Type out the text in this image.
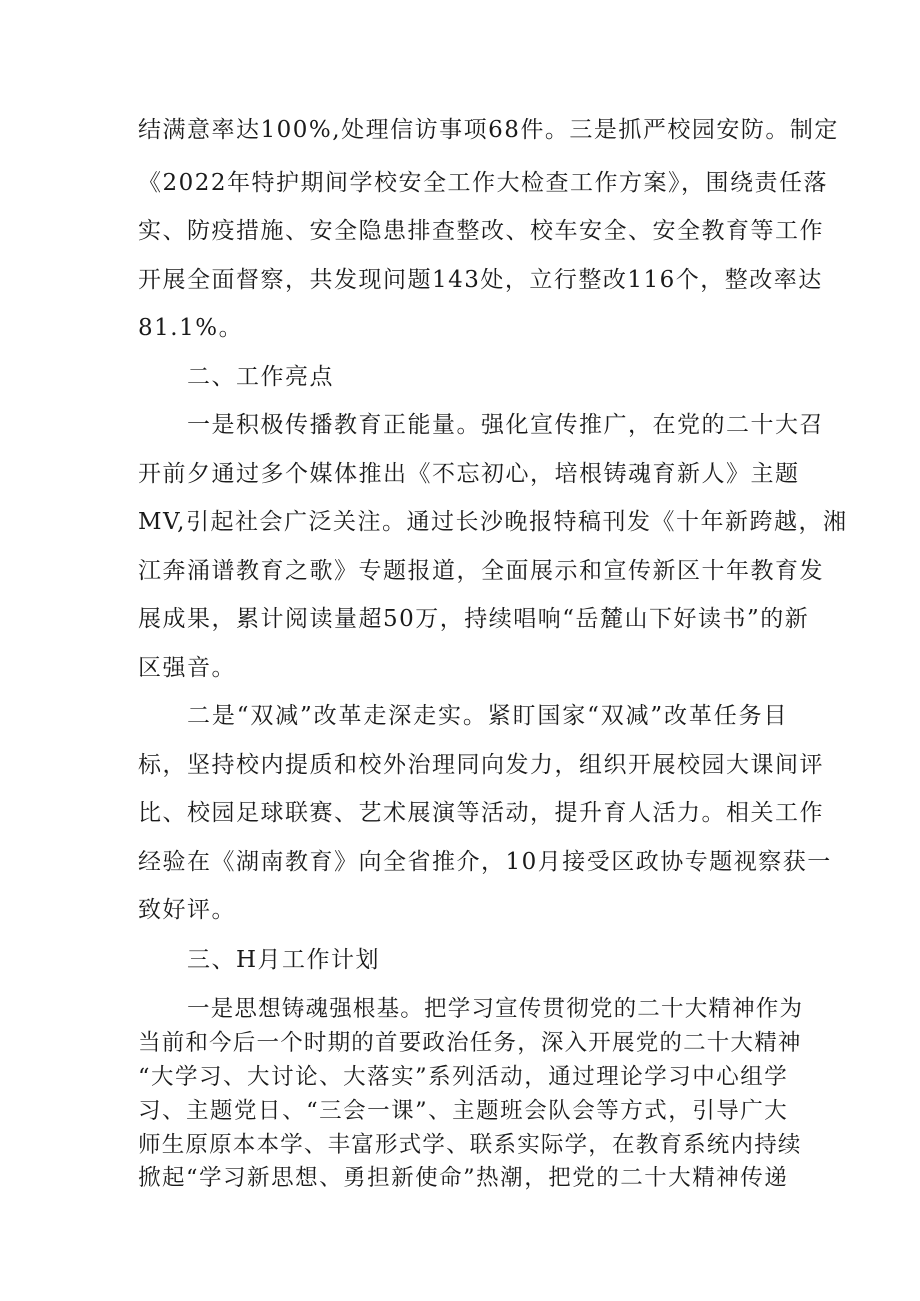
结满意率达100%,处理信访事项68件。三是抓严校园安防。制定

《2022年特护期间学校安全工作大检查工作方案》，围绕责任落

实、防疫措施、安全隐患排查整改、校车安全、安全教育等工作

开展全面督察，共发现问题143处，立行整改116个，整改率达

81.1%。

二、工作亮点

一是积极传播教育正能量。强化宣传推广，在党的二十大召

开前夕通过多个媒体推出《不忘初心，培根铸魂育新人》主题

MV,引起社会广泛关注。通过长沙晚报特稿刊发《十年新跨越，湘

江奔涌谱教育之歌》专题报道，全面展示和宣传新区十年教育发

展成果，累计阅读量超50万，持续唱响“岳麓山下好读书”的新

区强音。

二是“双减”改革走深走实。紧盯国家“双减”改革任务目

标，坚持校内提质和校外治理同向发力，组织开展校园大课间评

比、校园足球联赛、艺术展演等活动，提升育人活力。相关工作

经验在《湖南教育》向全省推介，10月接受区政协专题视察获一

致好评。

三、H月工作计划

一是思想铸魂强根基。把学习宣传贯彻党的二十大精神作为

当前和今后一个时期的首要政治任务，深入开展党的二十大精神

“大学习、大讨论、大落实”系列活动，通过理论学习中心组学

习、主题党日、“三会一课”、主题班会队会等方式，引导广大

师生原原本本学、丰富形式学、联系实际学，在教育系统内持续

掀起“学习新思想、勇担新使命”热潮，把党的二十大精神传递
